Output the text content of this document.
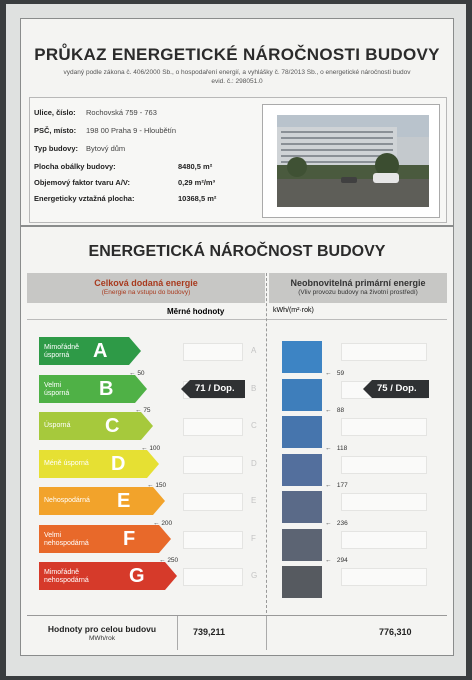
PRŮKAZ ENERGETICKÉ NÁROČNOSTI BUDOVY
vydaný podle zákona č. 406/2000 Sb., o hospodaření energií, a vyhlášky č. 78/2013 Sb., o energetické náročnosti budov
evid. č.: 298051.0
Ulice, číslo: Rochovská 759 - 763
PSČ, místo: 198 00 Praha 9 - Hloubětín
Typ budovy: Bytový dům
Plocha obálky budovy:	8480,5 m²
Objemový faktor tvaru A/V:	0,29 m²/m³
Energeticky vztažná plocha:	10368,5 m²
ENERGETICKÁ NÁROČNOST BUDOVY
Celková dodaná energie
(Energie na vstupu do budovy)
Neobnovitelná primární energie
(Vliv provozu budovy na životní prostředí)
Měrné hodnoty	kWh/(m²·rok)
Mimořádně
úsporná	A	A
Velmi
úsporná B	B
Úsporná C	C
Méně úsporná D	D
Nehospodárná E	E
Velmi
nehospodárná F	F
Mimořádně
nehospodárná G	G
← 50
← 75
← 100
← 150
← 200
← 250
←   59
←   88
←   118
←   177
←   236
←   294
71 / Dop.	75 / Dop.
Hodnoty pro celou budovu
MWh/rok
739,211	776,310
